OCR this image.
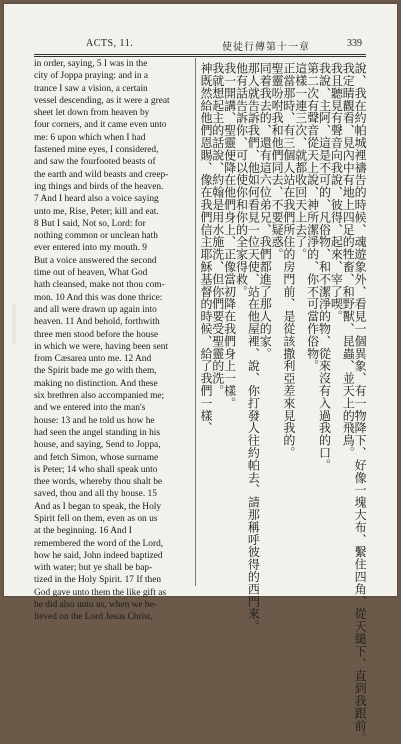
ACTS, 11.	使徒行傳第十一章	339
in order, saying, 5 I was in the
city of Joppa praying: and in a
trance I saw a vision, a certain
vessel descending, as it were a great
sheet let down from heaven by
four corners, and it came even unto
me: 6 upon which when I had
fastened mine eyes, I considered,
and saw the fourfooted beasts of
the earth and wild beasts and creep-
ing things and birds of the heaven.
7 And I heard also a voice saying
unto me, Rise, Peter; kill and eat.
8 But I said, Not so, Lord: for
nothing common or unclean hath
ever entered into my mouth. 9
But a voice answered the second
time out of heaven, What God
hath cleansed, make not thou com-
mon. 10 And this was done thrice:
and all were drawn up again into
heaven. 11 And behold, forthwith
three men stood before the house
in which we were, having been sent
from Cæsarea unto me. 12 And
the Spirit bade me go with them,
making no distinction. And these
six brethren also accompanied me;
and we entered into the man's
house: 13 and he told us how he
had seen the angel standing in his
house, and saying, Send to Joppa,
and fetch Simon, whose surname
is Peter; 14 who shall speak unto
thee words, whereby thou shalt be
saved, thou and all thy house. 15
And as I began to speak, the Holy
Spirit fell on them, even as on us
at the beginning. 16 And I
remembered the word of the Lord,
how he said, John indeed baptized
with water; but ye shall be bap-
tized in the Holy Spirit. 17 If then
God gave unto them the like gift as
he did also unto us, when we be-
lieved on the Lord Jesus Christ,	說、我在約帕城裡禱告的時候、魂遊象外、看見一個異象、有一物降下、好像一塊大布、繫住四角、從天縋下、直到我跟前。
我定睛觀看、見內中有地上四足的牲畜、和野獸、昆蟲、並天上的飛鳥。
我且聽見有聲音向我說、彼得、起來、宰了喫。
我說、主阿、這是不可的、凡俗物、和不潔淨的物、從來沒有入過我的口。
第二次有聲音從天上說、神所潔淨的、你不可當作俗物。
這樣一連三次、就都收回天上去了。
正當那時、有三個人站在我們所住的房門前、是從該撒利亞差來見我的。
聖靈吩咐我和他們同去、不要疑惑。
同着我去的、還有這六位弟兄、我們都進了那人的家。
那人就告訴我們、他如何看見一位天使、站在他屋裡、說、你打發人往約帕去、請那稱呼彼得的西門來。
他有話告訴你、可以使你和你的全家得救。
我一開講、聖靈便降在他們身上、正像當初降在我們身上一樣。
我就想起主的話說、約翰是用水施洗、但你們要受聖靈的洗。
神既然給他們恩賜、像在我們信主耶穌基督的時候、給了我們一樣、
